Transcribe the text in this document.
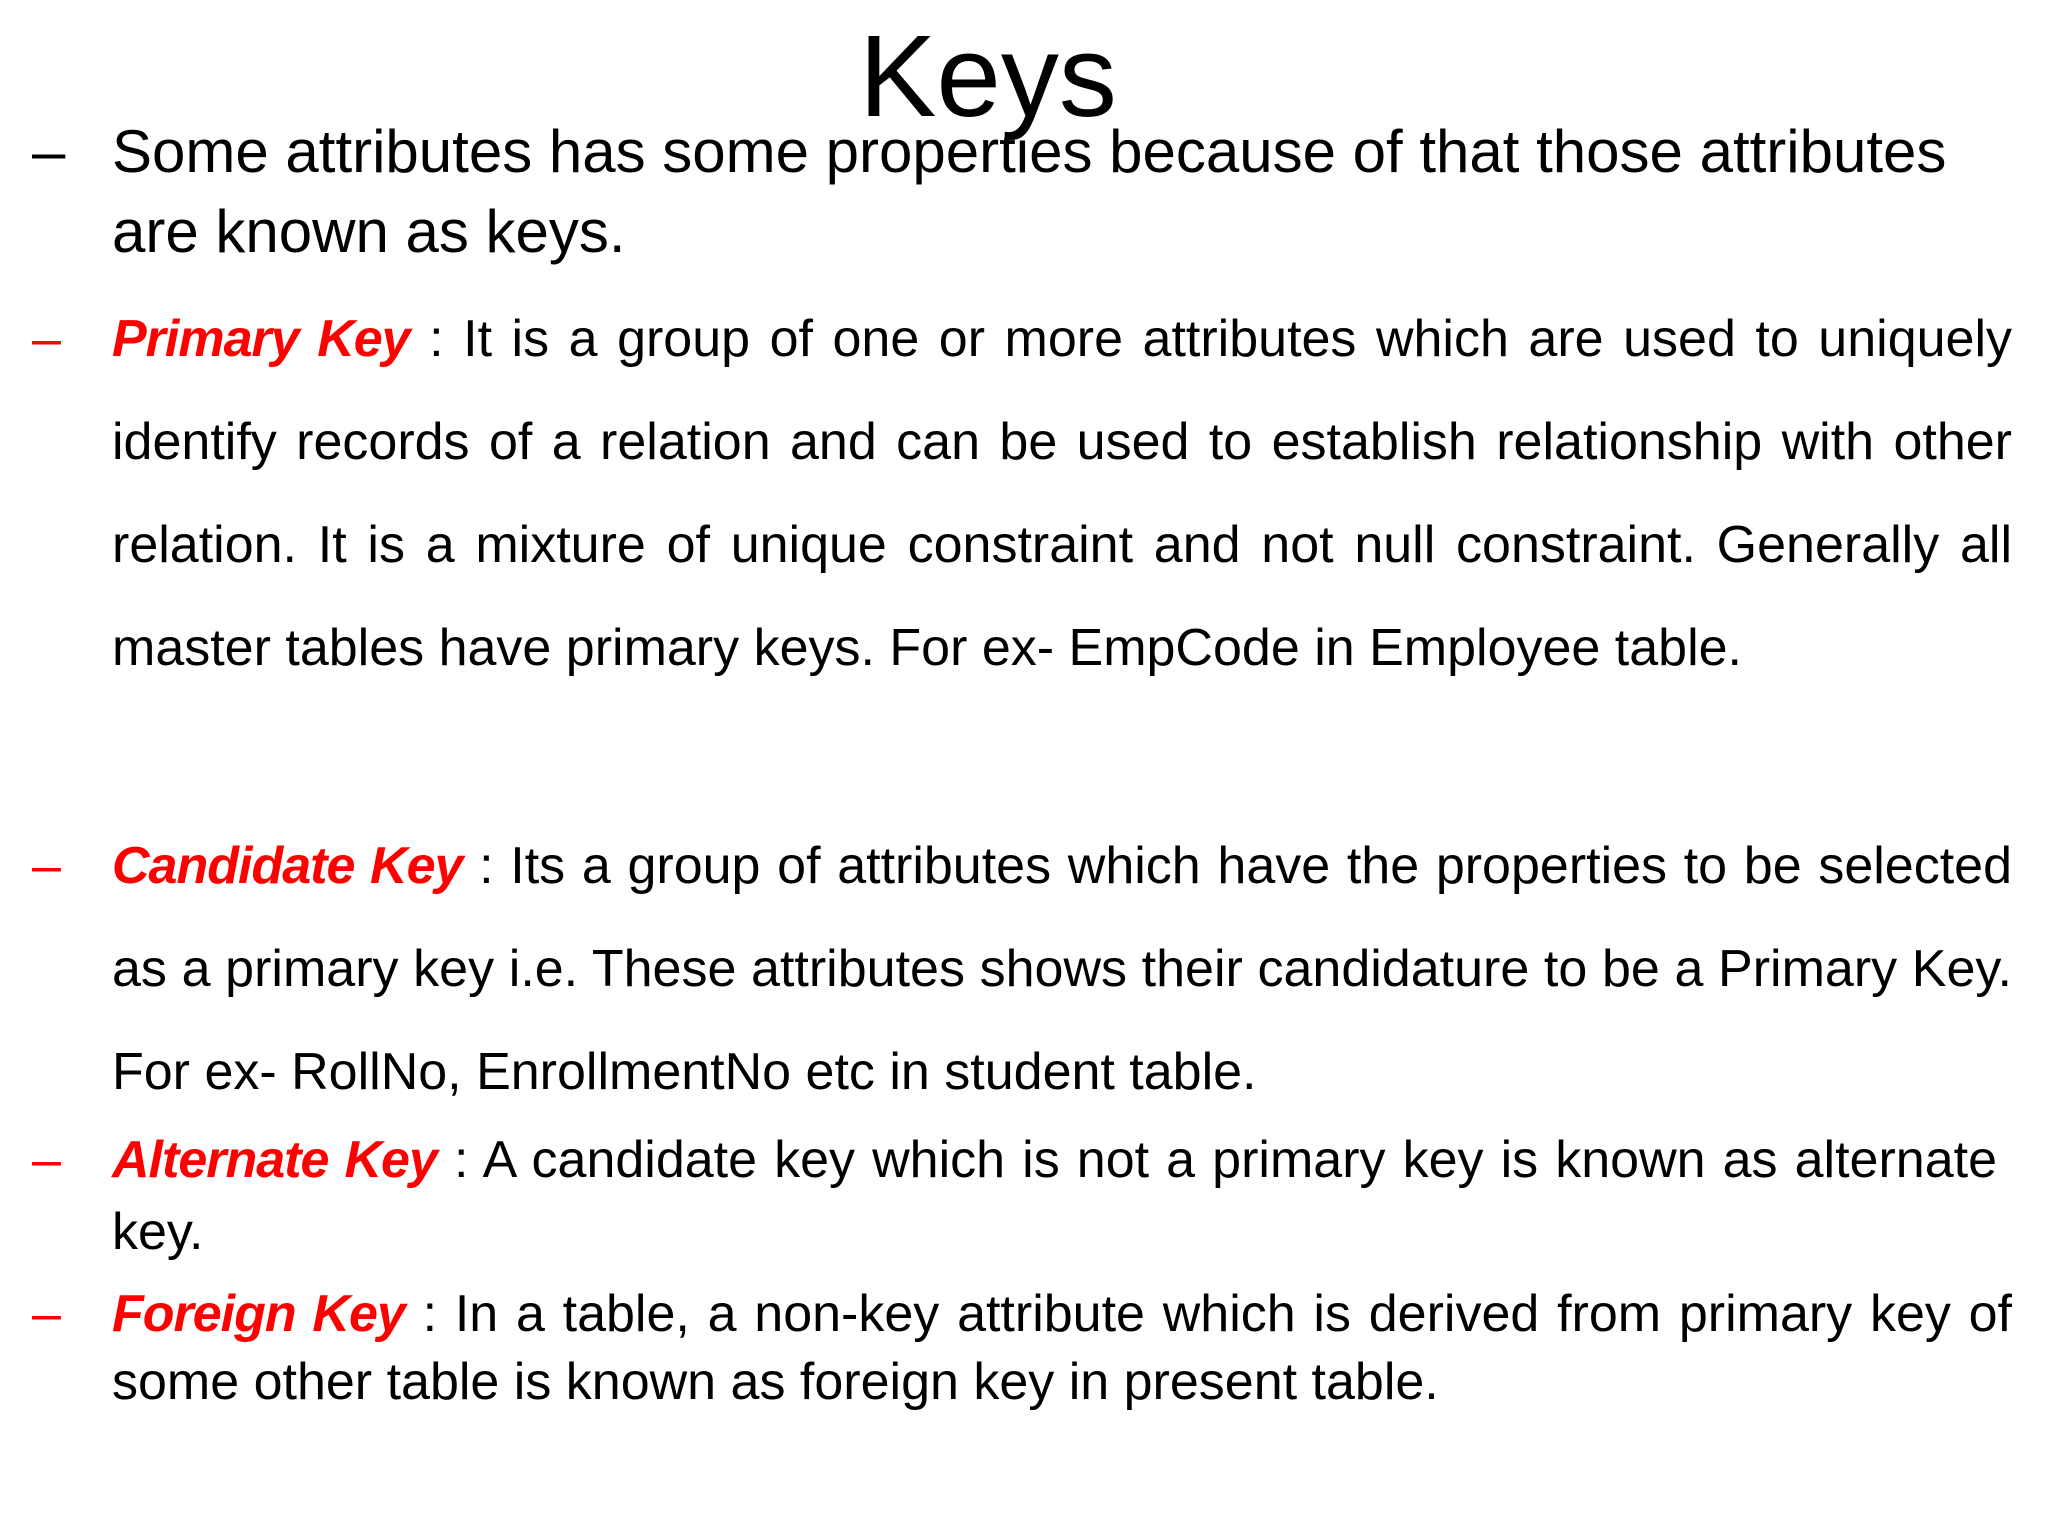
Keys
– Some attributes has some properties because of that those attributes are known as keys.
– Primary Key : It is a group of one or more attributes which are used to uniquely identify records of a relation and can be used to establish relationship with other relation. It is a mixture of unique constraint and not null constraint. Generally all master tables have primary keys. For ex- EmpCode in Employee table.
– Candidate Key : Its a group of attributes which have the properties to be selected as a primary key i.e. These attributes shows their candidature to be a Primary Key. For ex- RollNo, EnrollmentNo etc in student table.
– Alternate Key : A candidate key which is not a primary key is known as alternate key.
– Foreign Key : In a table, a non-key attribute which is derived from primary key of some other table is known as foreign key in present table.
